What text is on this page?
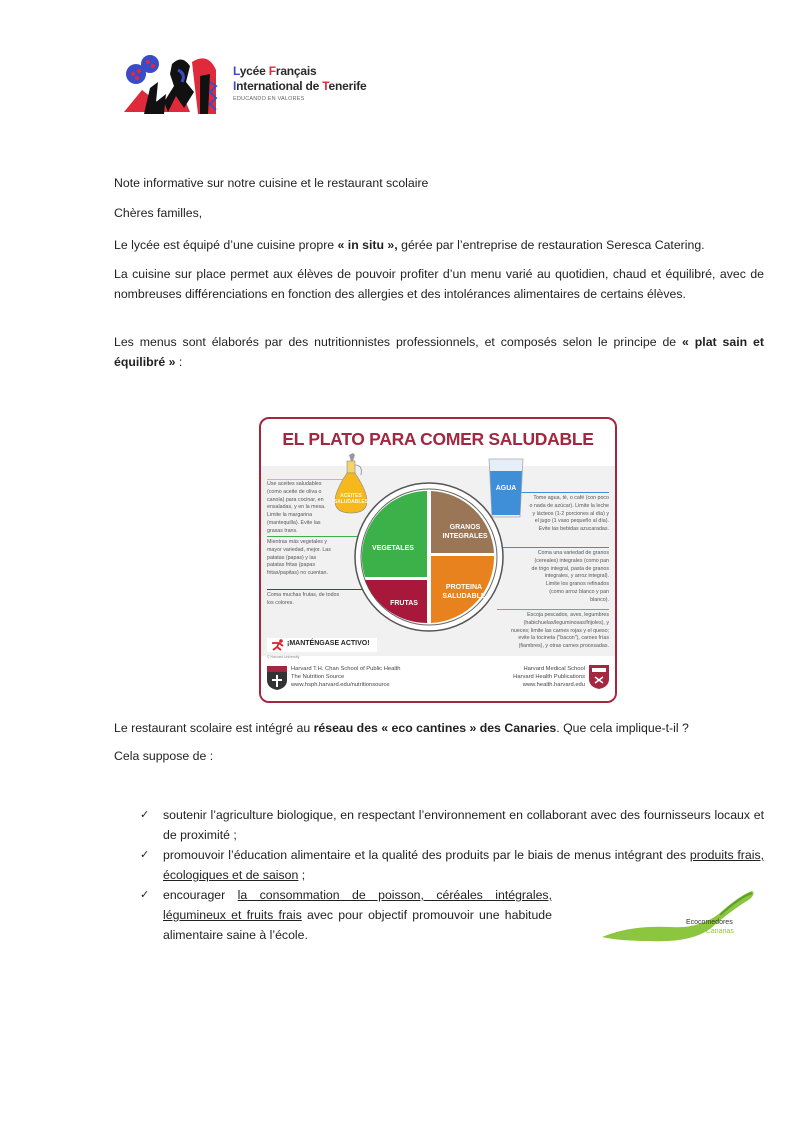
Lycée Français
International de Tenerife
EDUCANDO EN VALORES
Note informative sur notre cuisine et le restaurant scolaire
Chères familles,
Le lycée est équipé d’une cuisine propre « in situ », gérée par l’entreprise de restauration Seresca Catering.
La cuisine sur place permet aux élèves de pouvoir profiter d’un menu varié au quotidien, chaud et équilibré, avec de nombreuses différenciations en fonction des allergies et des intolérances alimentaires de certains élèves.
Les menus sont élaborés par des nutritionnistes professionnels, et composés selon le principe de « plat sain et équilibré » :
EL PLATO PARA COMER SALUDABLE
ACEITES SALUDABLES
AGUA
VEGETALES
GRANOS INTEGRALES
FRUTAS
PROTEINA SALUDABLE
Use aceites saludables (como aceite de oliva o canola) para cocinar, en ensaladas, y en la mesa. Limite la margarina (mantequilla). Evite las grasas trans.
Mientras más vegetales y mayor variedad, mejor. Las patatas (papas) y las patatas fritas (papas fritas/papitas) no cuentan.
Coma muchas frutas, de todos los colores.
Tome agua, té, o café (con poco o nada de azúcar). Limite la leche y lácteos (1-2 porciones al día) y el jugo (1 vaso pequeño al día). Evite las bebidas azucaradas.
Coma una variedad de granos (cereales) integrales (como pan de trigo integral, pasta de granos integrales, y arroz integral). Limite los granos refinados (como arroz blanco y pan blanco).
Escoja pescados, aves, legumbres (habichuelas/leguminosas/frijoles), y nueces; limite las carnes rojas y el queso; evite la tocineta ("bacon"), carnes frías (fiambres), y otras carnes procesadas.
¡MANTÉNGASE ACTIVO!
© Harvard University
Harvard T.H. Chan School of Public Health
The Nutrition Source
www.hsph.harvard.edu/nutritionsource
Harvard Medical School
Harvard Health Publications
www.health.harvard.edu
Le restaurant scolaire est intégré au réseau des « eco cantines » des Canaries. Que cela implique-t-il ?
Cela suppose de :
✓ soutenir l’agriculture biologique, en respectant l’environnement en collaborant avec des fournisseurs locaux et de proximité ;
✓ promouvoir l’éducation alimentaire et la qualité des produits par le biais de menus intégrant des produits frais, écologiques et de saison ;
✓ encourager la consommation de poisson, céréales intégrales, légumineux et fruits frais avec pour objectif promouvoir une habitude alimentaire saine à l’école.
Ecocomedores
de Canarias
